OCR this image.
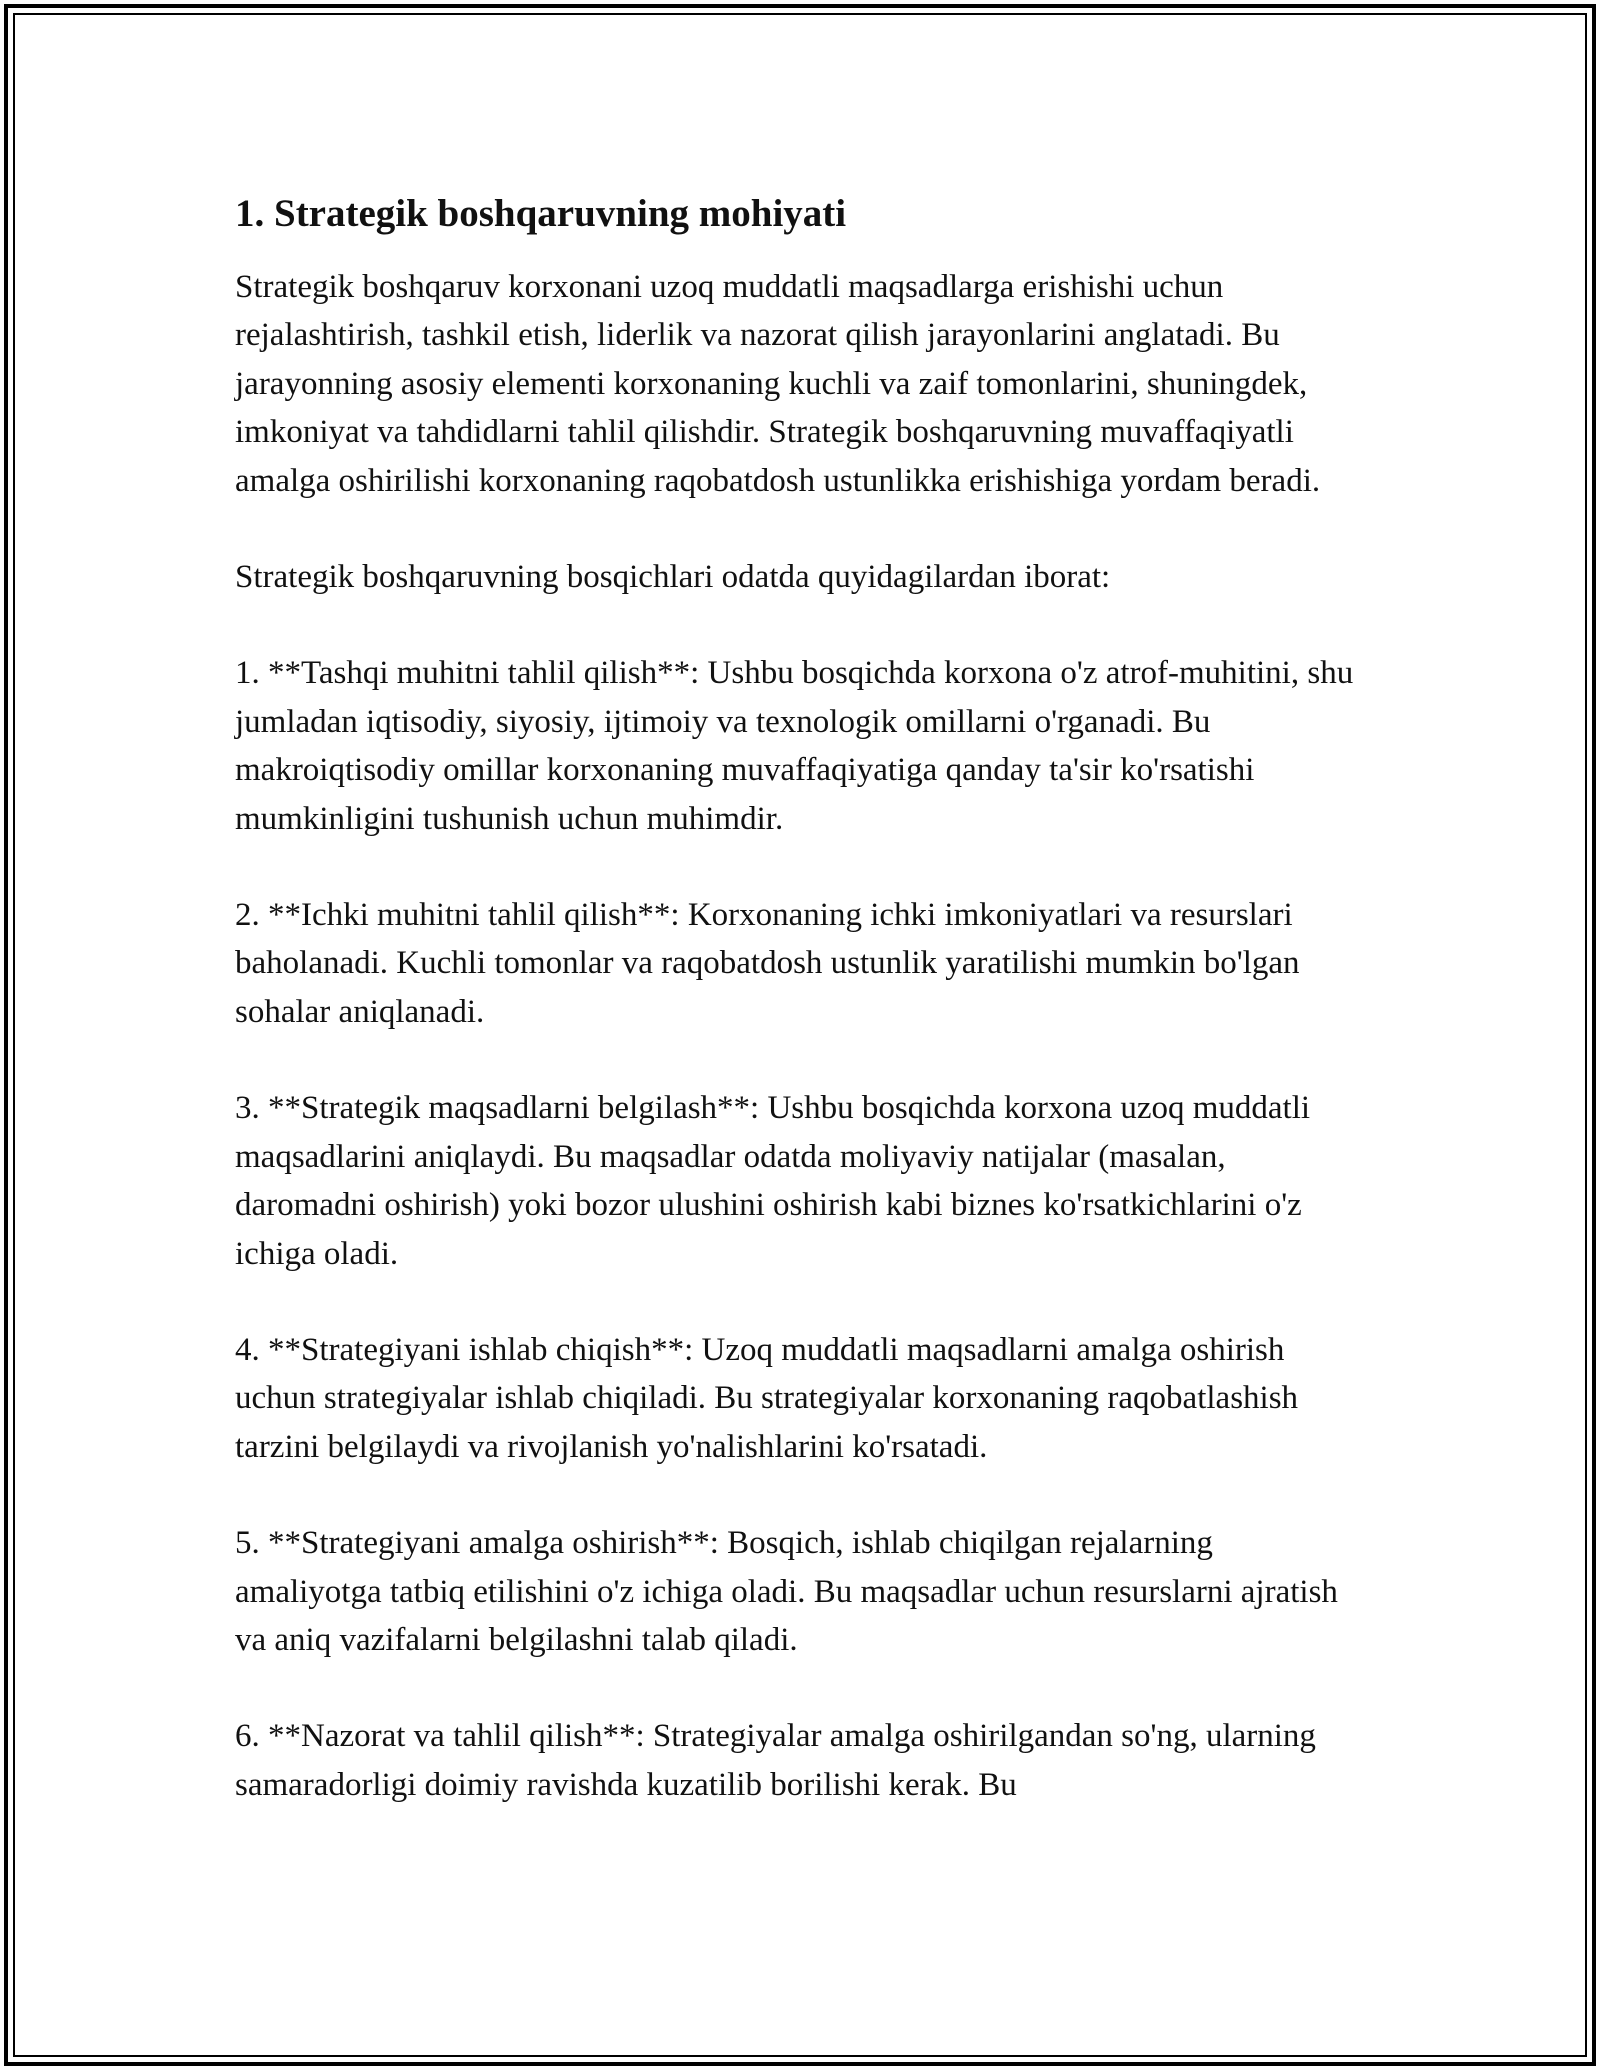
1. Strategik boshqaruvning mohiyati

Strategik boshqaruv korxonani uzoq muddatli maqsadlarga erishishi uchun rejalashtirish, tashkil etish, liderlik va nazorat qilish jarayonlarini anglatadi. Bu jarayonning asosiy elementi korxonaning kuchli va zaif tomonlarini, shuningdek, imkoniyat va tahdidlarni tahlil qilishdir. Strategik boshqaruvning muvaffaqiyatli amalga oshirilishi korxonaning raqobatdosh ustunlikka erishishiga yordam beradi.

Strategik boshqaruvning bosqichlari odatda quyidagilardan iborat:

1. **Tashqi muhitni tahlil qilish**: Ushbu bosqichda korxona o'z atrof-muhitini, shu jumladan iqtisodiy, siyosiy, ijtimoiy va texnologik omillarni o'rganadi. Bu makroiqtisodiy omillar korxonaning muvaffaqiyatiga qanday ta'sir ko'rsatishi mumkinligini tushunish uchun muhimdir.

2. **Ichki muhitni tahlil qilish**: Korxonaning ichki imkoniyatlari va resurslari baholanadi. Kuchli tomonlar va raqobatdosh ustunlik yaratilishi mumkin bo'lgan sohalar aniqlanadi.

3. **Strategik maqsadlarni belgilash**: Ushbu bosqichda korxona uzoq muddatli maqsadlarini aniqlaydi. Bu maqsadlar odatda moliyaviy natijalar (masalan, daromadni oshirish) yoki bozor ulushini oshirish kabi biznes ko'rsatkichlarini o'z ichiga oladi.

4. **Strategiyani ishlab chiqish**: Uzoq muddatli maqsadlarni amalga oshirish uchun strategiyalar ishlab chiqiladi. Bu strategiyalar korxonaning raqobatlashish tarzini belgilaydi va rivojlanish yo'nalishlarini ko'rsatadi.

5. **Strategiyani amalga oshirish**: Bosqich, ishlab chiqilgan rejalarning amaliyotga tatbiq etilishini o'z ichiga oladi. Bu maqsadlar uchun resurslarni ajratish va aniq vazifalarni belgilashni talab qiladi.

6. **Nazorat va tahlil qilish**: Strategiyalar amalga oshirilgandan so'ng, ularning samaradorligi doimiy ravishda kuzatilib borilishi kerak. Bu
